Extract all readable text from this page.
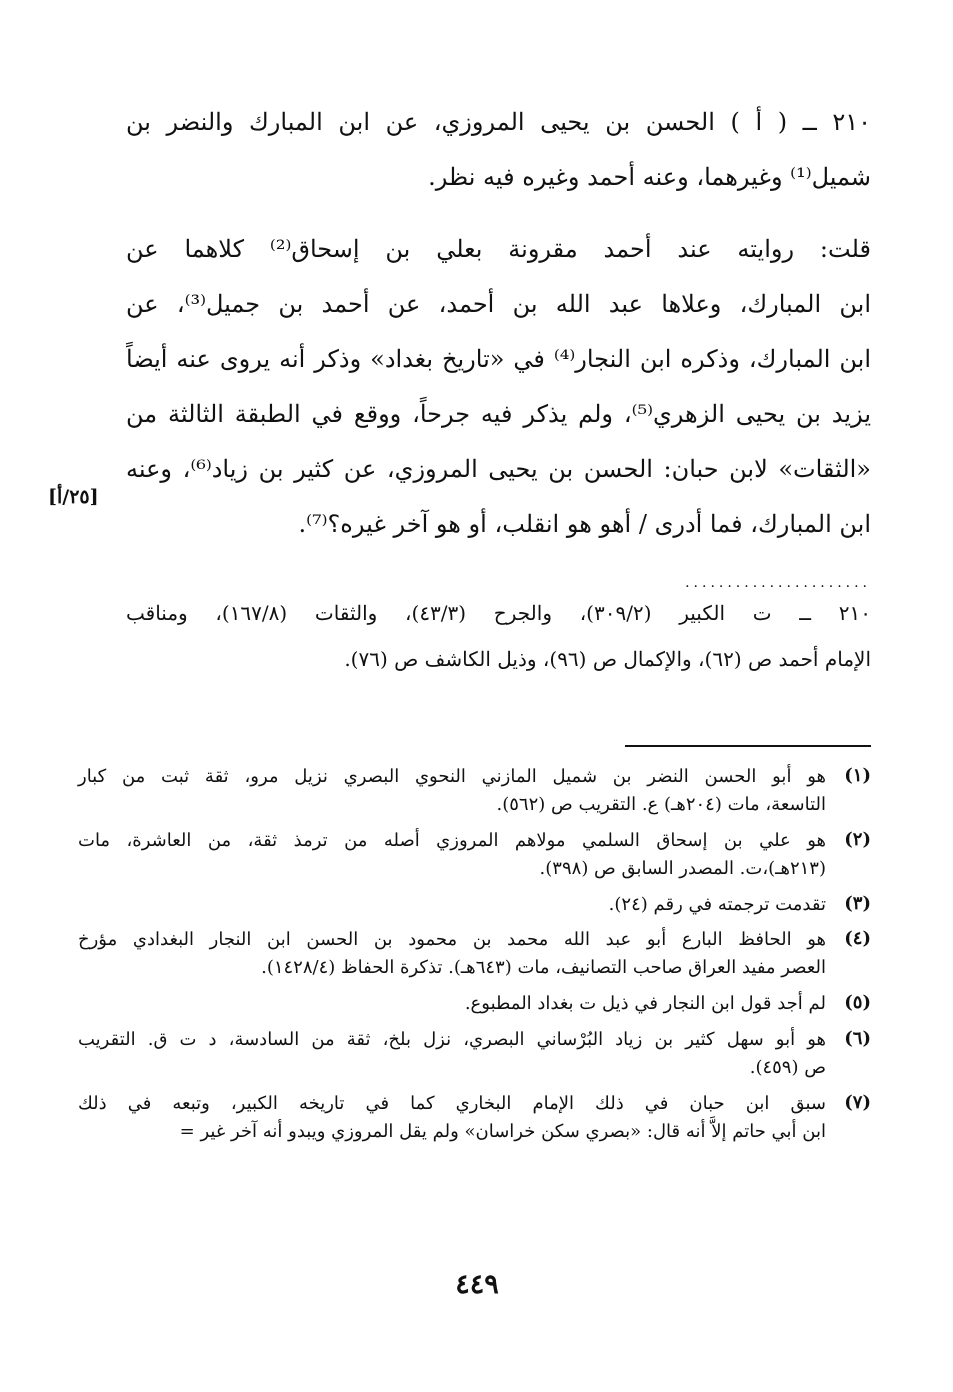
٢١٠ ــ ( أ ) الحسن بن يحيى المروزي، عن ابن المبارك والنضر بن
شميل⁽¹⁾ وغيرهما، وعنه أحمد وغيره فيه نظر.
قلت: روايته عند أحمد مقرونة بعلي بن إسحاق⁽²⁾ كلاهما عن
ابن المبارك، وعلاها عبد الله بن أحمد، عن أحمد بن جميل⁽³⁾، عن
ابن المبارك، وذكره ابن النجار⁽⁴⁾ في «تاريخ بغداد» وذكر أنه يروى عنه أيضاً
يزيد بن يحيى الزهري⁽⁵⁾، ولم يذكر فيه جرحاً، ووقع في الطبقة الثالثة من
«الثقات» لابن حبان: الحسن بن يحيى المروزي، عن كثير بن زياد⁽⁶⁾، وعنه
ابن المبارك، فما أدرى / أهو هو انقلب، أو هو آخر غيره؟⁽⁷⁾.
[٢٥/أ]
......................
٢١٠ ــ ت الكبير (٣٠٩/٢)، والجرح (٤٣/٣)، والثقات (١٦٧/٨)، ومناقب
الإمام أحمد ص (٦٢)، والإكمال ص (٩٦)، وذيل الكاشف ص (٧٦).
(١)
هو أبو الحسن النضر بن شميل المازني النحوي البصري نزيل مرو، ثقة ثبت من كبار
التاسعة، مات (٢٠٤هـ) ع. التقريب ص (٥٦٢).
(٢)
هو علي بن إسحاق السلمي مولاهم المروزي أصله من ترمذ ثقة، من العاشرة، مات
(٢١٣هـ)،ت. المصدر السابق ص (٣٩٨).
(٣)
تقدمت ترجمته في رقم (٢٤).
(٤)
هو الحافظ البارع أبو عبد الله محمد بن محمود بن الحسن ابن النجار البغدادي مؤرخ
العصر مفيد العراق صاحب التصانيف، مات (٦٤٣هـ). تذكرة الحفاظ (١٤٢٨/٤).
(٥)
لم أجد قول ابن النجار في ذيل ت بغداد المطبوع.
(٦)
هو أبو سهل كثير بن زياد البُرْساني البصري، نزل بلخ، ثقة من السادسة، د ت ق. التقريب
ص (٤٥٩).
(٧)
سبق ابن حبان في ذلك الإمام البخاري كما في تاريخه الكبير، وتبعه في ذلك
ابن أبي حاتم إلاَّ أنه قال: «بصري سكن خراسان» ولم يقل المروزي ويبدو أنه آخر غير =
٤٤٩
